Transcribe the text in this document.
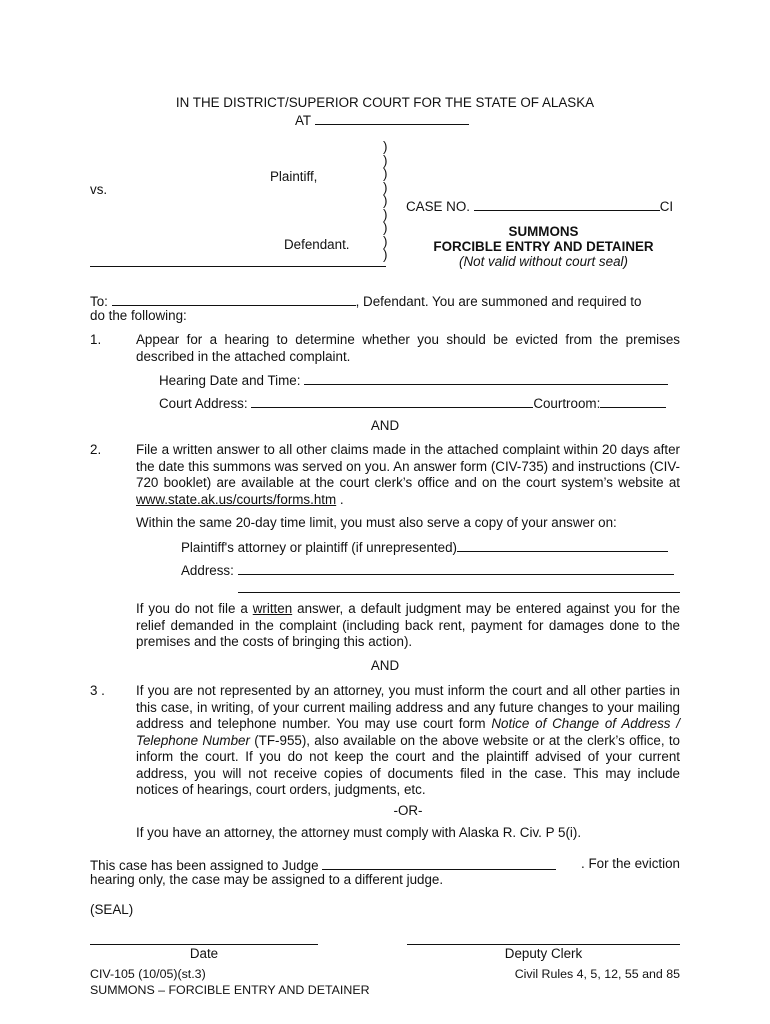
IN THE DISTRICT/SUPERIOR COURT FOR THE STATE OF ALASKA
AT
Plaintiff,
vs.
Defendant.
)
)
)
)
)
)
)
)
)
CASE NO.	CI
SUMMONS
FORCIBLE ENTRY AND DETAINER
(Not valid without court seal)
To:	, Defendant. You are summoned and required to
do the following:
1.	Appear for a hearing to determine whether you should be evicted from the premises described in the attached complaint.
Hearing Date and Time:
Court Address:	Courtroom:
AND
2.	File a written answer to all other claims made in the attached complaint within 20 days after the date this summons was served on you. An answer form (CIV-735) and instructions (CIV-720 booklet) are available at the court clerk’s office and on the court system’s website at www.state.ak.us/courts/forms.htm .
Within the same 20-day time limit, you must also serve a copy of your answer on:
Plaintiff's attorney or plaintiff (if unrepresented)
Address:
If you do not file a written answer, a default judgment may be entered against you for the relief demanded in the complaint (including back rent, payment for damages done to the premises and the costs of bringing this action).
AND
3 . If you are not represented by an attorney, you must inform the court and all other parties in this case, in writing, of your current mailing address and any future changes to your mailing address and telephone number. You may use court form Notice of Change of Address / Telephone Number (TF-955), also available on the above website or at the clerk’s office, to inform the court. If you do not keep the court and the plaintiff advised of your current address, you will not receive copies of documents filed in the case. This may include notices of hearings, court orders, judgments, etc.
-OR-
If you have an attorney, the attorney must comply with Alaska R. Civ. P 5(i).
This case has been assigned to Judge	. For the eviction
hearing only, the case may be assigned to a different judge.
(SEAL)
Date	Deputy Clerk
CIV-105 (10/05)(st.3)
SUMMONS – FORCIBLE ENTRY AND DETAINER
Civil Rules 4, 5, 12, 55 and 85
